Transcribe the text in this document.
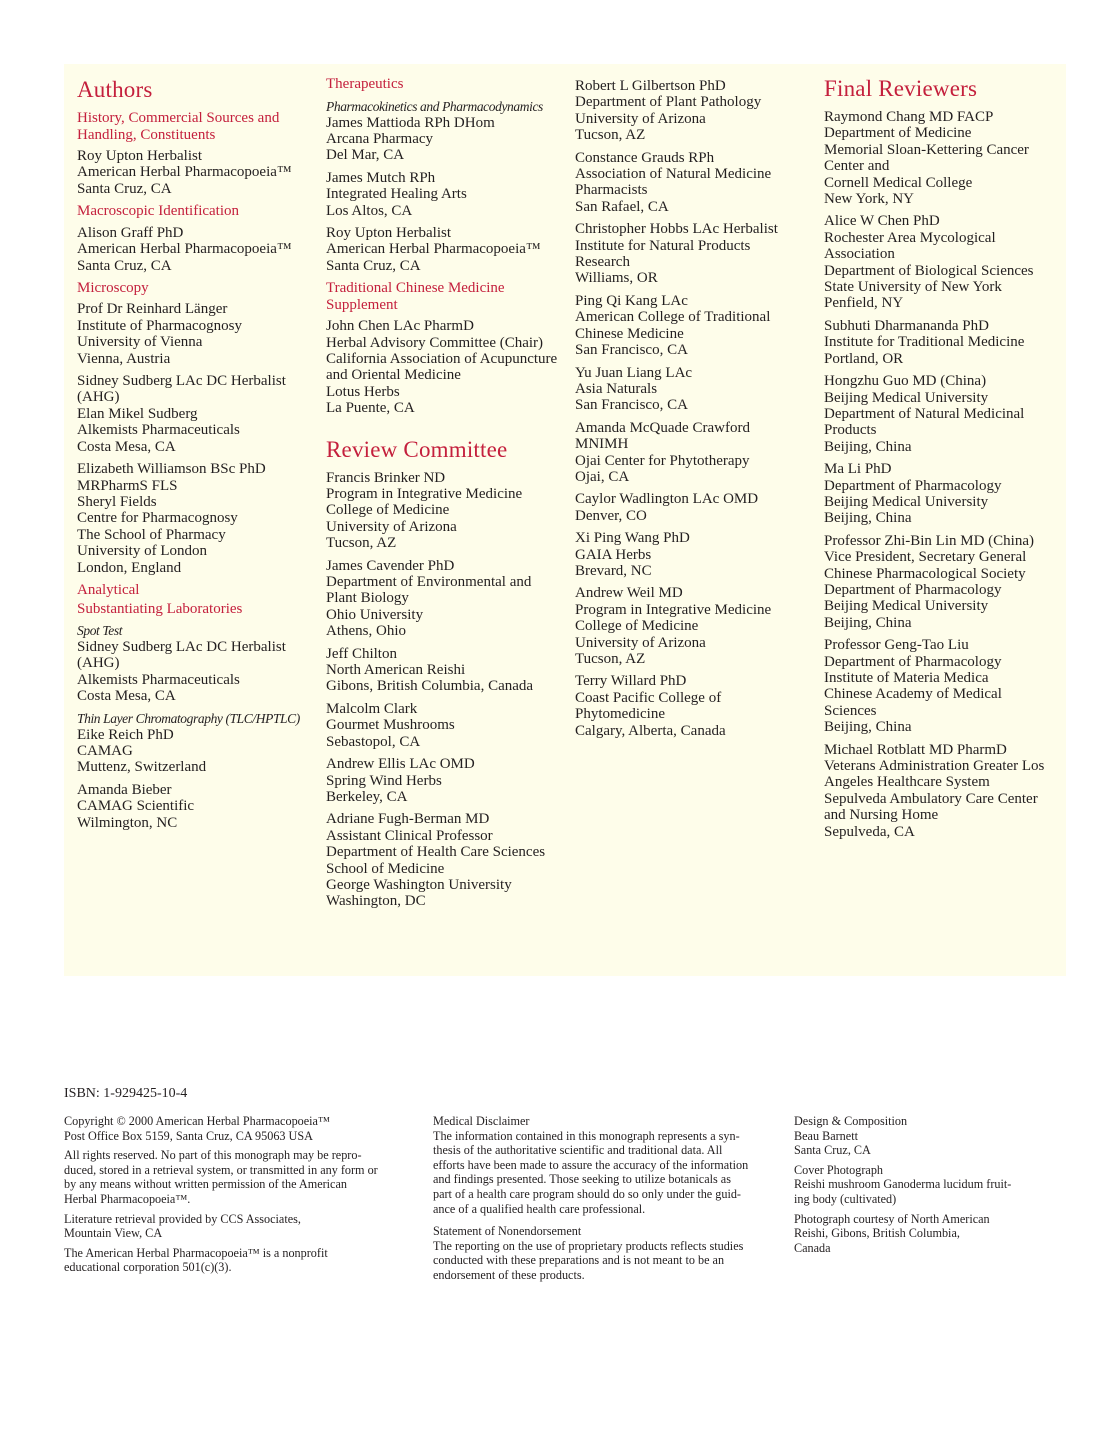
Authors
History, Commercial Sources and
Handling, Constituents
Roy Upton Herbalist
American Herbal Pharmacopoeia™
Santa Cruz, CA
Macroscopic Identification
Alison Graff PhD
American Herbal Pharmacopoeia™
Santa Cruz, CA
Microscopy
Prof Dr Reinhard Länger
Institute of Pharmacognosy
University of Vienna
Vienna, Austria
Sidney Sudberg LAc DC Herbalist
(AHG)
Elan Mikel Sudberg
Alkemists Pharmaceuticals
Costa Mesa, CA
Elizabeth Williamson BSc PhD
MRPharmS FLS
Sheryl Fields
Centre for Pharmacognosy
The School of Pharmacy
University of London
London, England
Analytical
Substantiating Laboratories
Spot Test
Sidney Sudberg LAc DC Herbalist
(AHG)
Alkemists Pharmaceuticals
Costa Mesa, CA
Thin Layer Chromatography (TLC/HPTLC)
Eike Reich PhD
CAMAG
Muttenz, Switzerland
Amanda Bieber
CAMAG Scientific
Wilmington, NC
Therapeutics
Pharmacokinetics and Pharmacodynamics
James Mattioda RPh DHom
Arcana Pharmacy
Del Mar, CA
James Mutch RPh
Integrated Healing Arts
Los Altos, CA
Roy Upton Herbalist
American Herbal Pharmacopoeia™
Santa Cruz, CA
Traditional Chinese Medicine
Supplement
John Chen LAc PharmD
Herbal Advisory Committee (Chair)
California Association of Acupuncture
and Oriental Medicine
Lotus Herbs
La Puente, CA
Review Committee
Francis Brinker ND
Program in Integrative Medicine
College of Medicine
University of Arizona
Tucson, AZ
James Cavender PhD
Department of Environmental and
Plant Biology
Ohio University
Athens, Ohio
Jeff Chilton
North American Reishi
Gibons, British Columbia, Canada
Malcolm Clark
Gourmet Mushrooms
Sebastopol, CA
Andrew Ellis LAc OMD
Spring Wind Herbs
Berkeley, CA
Adriane Fugh-Berman MD
Assistant Clinical Professor
Department of Health Care Sciences
School of Medicine
George Washington University
Washington, DC
Robert L Gilbertson PhD
Department of Plant Pathology
University of Arizona
Tucson, AZ
Constance Grauds RPh
Association of Natural Medicine
Pharmacists
San Rafael, CA
Christopher Hobbs LAc Herbalist
Institute for Natural Products
Research
Williams, OR
Ping Qi Kang LAc
American College of Traditional
Chinese Medicine
San Francisco, CA
Yu Juan Liang LAc
Asia Naturals
San Francisco, CA
Amanda McQuade Crawford
MNIMH
Ojai Center for Phytotherapy
Ojai, CA
Caylor Wadlington LAc OMD
Denver, CO
Xi Ping Wang PhD
GAIA Herbs
Brevard, NC
Andrew Weil MD
Program in Integrative Medicine
College of Medicine
University of Arizona
Tucson, AZ
Terry Willard PhD
Coast Pacific College of
Phytomedicine
Calgary, Alberta, Canada
Final Reviewers
Raymond Chang MD FACP
Department of Medicine
Memorial Sloan-Kettering Cancer
Center and
Cornell Medical College
New York, NY
Alice W Chen PhD
Rochester Area Mycological
Association
Department of Biological Sciences
State University of New York
Penfield, NY
Subhuti Dharmananda PhD
Institute for Traditional Medicine
Portland, OR
Hongzhu Guo MD (China)
Beijing Medical University
Department of Natural Medicinal
Products
Beijing, China
Ma Li PhD
Department of Pharmacology
Beijing Medical University
Beijing, China
Professor Zhi-Bin Lin MD (China)
Vice President, Secretary General
Chinese Pharmacological Society
Department of Pharmacology
Beijing Medical University
Beijing, China
Professor Geng-Tao Liu
Department of Pharmacology
Institute of Materia Medica
Chinese Academy of Medical
Sciences
Beijing, China
Michael Rotblatt MD PharmD
Veterans Administration Greater Los
Angeles Healthcare System
Sepulveda Ambulatory Care Center
and Nursing Home
Sepulveda, CA
ISBN: 1-929425-10-4
Copyright © 2000 American Herbal Pharmacopoeia™
Post Office Box 5159, Santa Cruz, CA 95063 USA
All rights reserved. No part of this monograph may be repro-
duced, stored in a retrieval system, or transmitted in any form or
by any means without written permission of the American
Herbal Pharmacopoeia™.
Literature retrieval provided by CCS Associates,
Mountain View, CA
The American Herbal Pharmacopoeia™ is a nonprofit
educational corporation 501(c)(3).
Medical Disclaimer
The information contained in this monograph represents a syn-
thesis of the authoritative scientific and traditional data. All
efforts have been made to assure the accuracy of the information
and findings presented. Those seeking to utilize botanicals as
part of a health care program should do so only under the guid-
ance of a qualified health care professional.
Statement of Nonendorsement
The reporting on the use of proprietary products reflects studies
conducted with these preparations and is not meant to be an
endorsement of these products.
Design & Composition
Beau Barnett
Santa Cruz, CA
Cover Photograph
Reishi mushroom Ganoderma lucidum fruit-
ing body (cultivated)
Photograph courtesy of North American
Reishi, Gibons, British Columbia,
Canada
